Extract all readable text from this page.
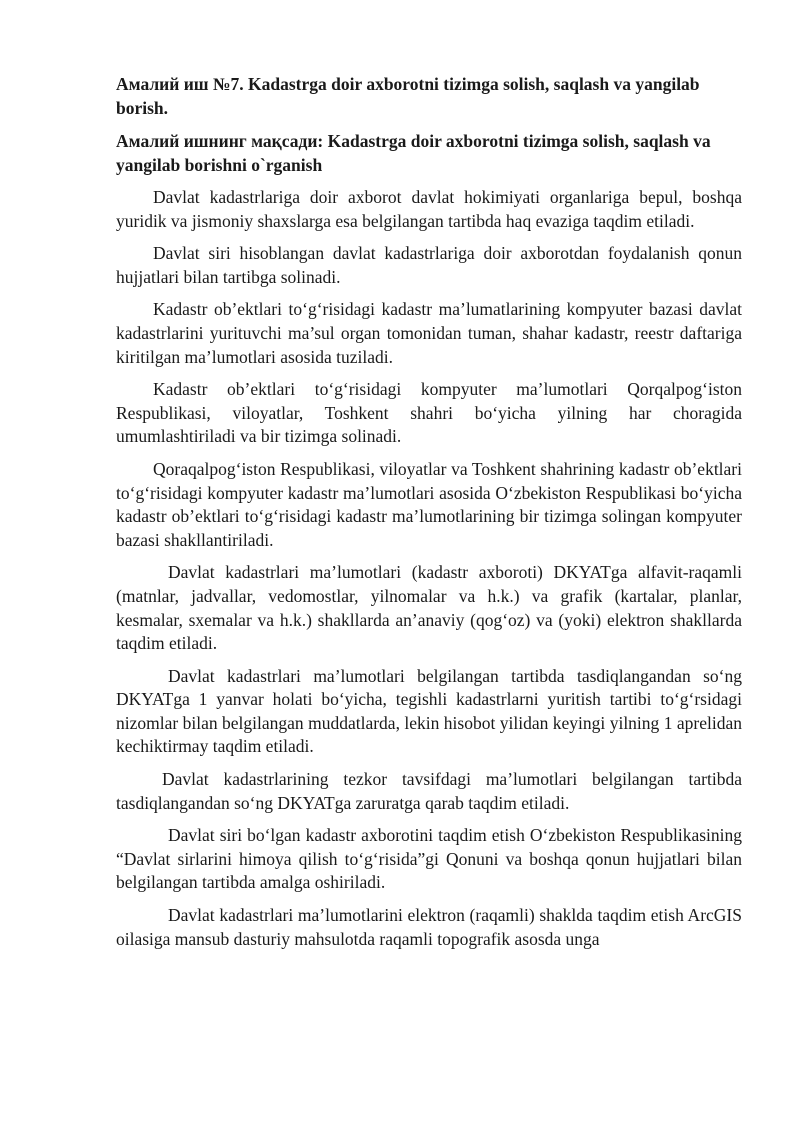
Амалий иш №7. Kadastrga doir axborotni tizimga solish, saqlash va yangilab borish.
Амалий ишнинг мақсади: Kadastrga doir axborotni tizimga solish, saqlash va yangilab borishni o`rganish

Davlat kadastrlariga doir axborot davlat hokimiyati organlariga bepul, boshqa yuridik va jismoniy shaxslarga esa belgilangan tartibda haq evaziga taqdim etiladi.

Davlat siri hisoblangan davlat kadastrlariga doir axborotdan foydalanish qonun hujjatlari bilan tartibga solinadi.

Kadastr ob’ektlari to‘g‘risidagi kadastr ma’lumatlarining kompyuter bazasi davlat kadastrlarini yurituvchi ma’sul organ tomonidan tuman, shahar kadastr, reestr daftariga kiritilgan ma’lumotlari asosida tuziladi.

Kadastr ob’ektlari to‘g‘risidagi kompyuter ma’lumotlari Qorqalpog‘iston Respublikasi, viloyatlar, Toshkent shahri bo‘yicha yilning har choragida umumlashtiriladi va bir tizimga solinadi.

Qoraqalpog‘iston Respublikasi, viloyatlar va Toshkent shahrining kadastr ob’ektlari to‘g‘risidagi kompyuter kadastr ma’lumotlari asosida O‘zbekiston Respublikasi bo‘yicha kadastr ob’ektlari to‘g‘risidagi kadastr ma’lumotlarining bir tizimga solingan kompyuter bazasi shakllantiriladi.

Davlat kadastrlari ma’lumotlari (kadastr axboroti) DKYATga alfavit-raqamli (matnlar, jadvallar, vedomostlar, yilnomalar va h.k.) va grafik (kartalar, planlar, kesmalar, sxemalar va h.k.) shakllarda an’anaviy (qog‘oz) va (yoki) elektron shakllarda taqdim etiladi.

Davlat kadastrlari ma’lumotlari belgilangan tartibda tasdiqlangandan so‘ng DKYATga 1 yanvar holati bo‘yicha, tegishli kadastrlarni yuritish tartibi to‘g‘rsidagi nizomlar bilan belgilangan muddatlarda, lekin hisobot yilidan keyingi yilning 1 aprelidan kechiktirmay taqdim etiladi.

Davlat kadastrlarining tezkor tavsifdagi ma’lumotlari belgilangan tartibda tasdiqlangandan so‘ng DKYATga zaruratga qarab taqdim etiladi.

Davlat siri bo‘lgan kadastr axborotini taqdim etish O‘zbekiston Respublikasining “Davlat sirlarini himoya qilish to‘g‘risida”gi Qonuni va boshqa qonun hujjatlari bilan belgilangan tartibda amalga oshiriladi.

Davlat kadastrlari ma’lumotlarini elektron (raqamli) shaklda taqdim etish ArcGIS oilasiga mansub dasturiy mahsulotda raqamli topografik asosda unga
